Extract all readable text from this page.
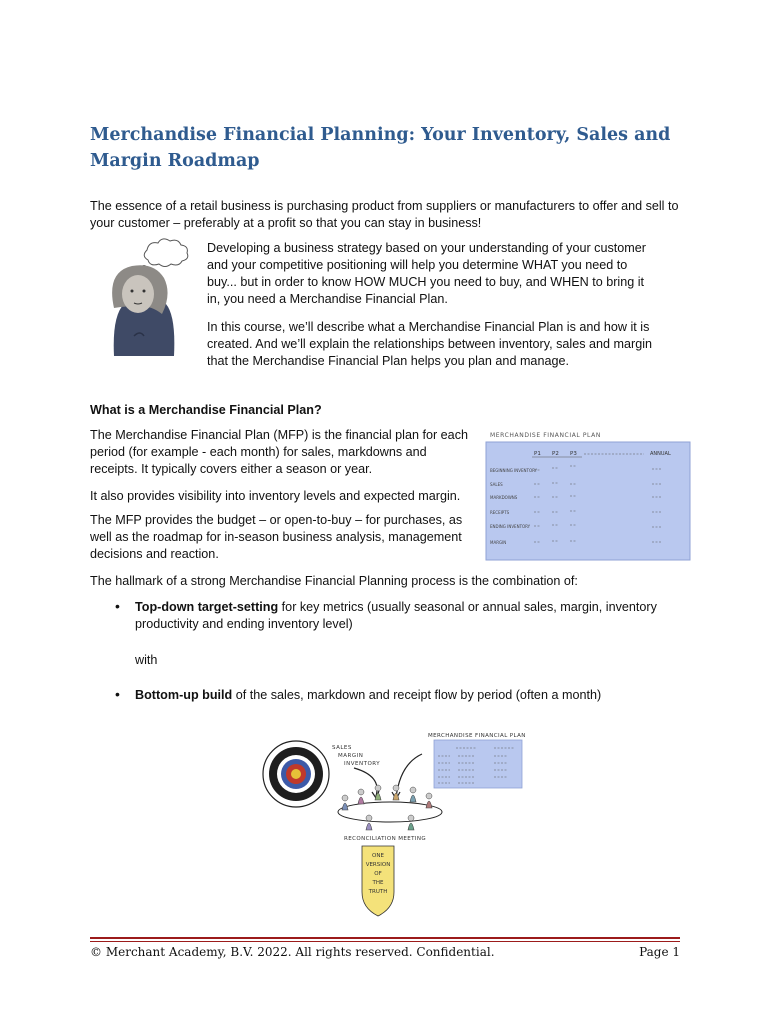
Merchandise Financial Planning: Your Inventory, Sales and Margin Roadmap

The essence of a retail business is purchasing product from suppliers or manufacturers to offer and sell to your customer – preferably at a profit so that you can stay in business!

Developing a business strategy based on your understanding of your customer and your competitive positioning will help you determine WHAT you need to buy... but in order to know HOW MUCH you need to buy, and WHEN to bring it in, you need a Merchandise Financial Plan.

In this course, we’ll describe what a Merchandise Financial Plan is and how it is created. And we’ll explain the relationships between inventory, sales and margin that the Merchandise Financial Plan helps you plan and manage.

What is a Merchandise Financial Plan?

The Merchandise Financial Plan (MFP) is the financial plan for each period (for example - each month) for sales, markdowns and receipts. It typically covers either a season or year.

It also provides visibility into inventory levels and expected margin.

The MFP provides the budget – or open-to-buy – for purchases, as well as the roadmap for in-season business analysis, management decisions and reaction.

MERCHANDISE FINANCIAL PLAN
P1 P2 P3	ANNUAL
BEGINNING INVENTORY
SALES
MARKDOWNS
RECEIPTS
ENDING INVENTORY
MARGIN

The hallmark of a strong Merchandise Financial Planning process is the combination of:

• Top-down target-setting for key metrics (usually seasonal or annual sales, margin, inventory productivity and ending inventory level)

with

• Bottom-up build of the sales, markdown and receipt flow by period (often a month)

SALES
MARGIN
INVENTORY
MERCHANDISE FINANCIAL PLAN
RECONCILIATION MEETING
ONE
VERSION
OF
THE
TRUTH
© Merchant Academy, B.V. 2022. All rights reserved. Confidential.	Page 1
